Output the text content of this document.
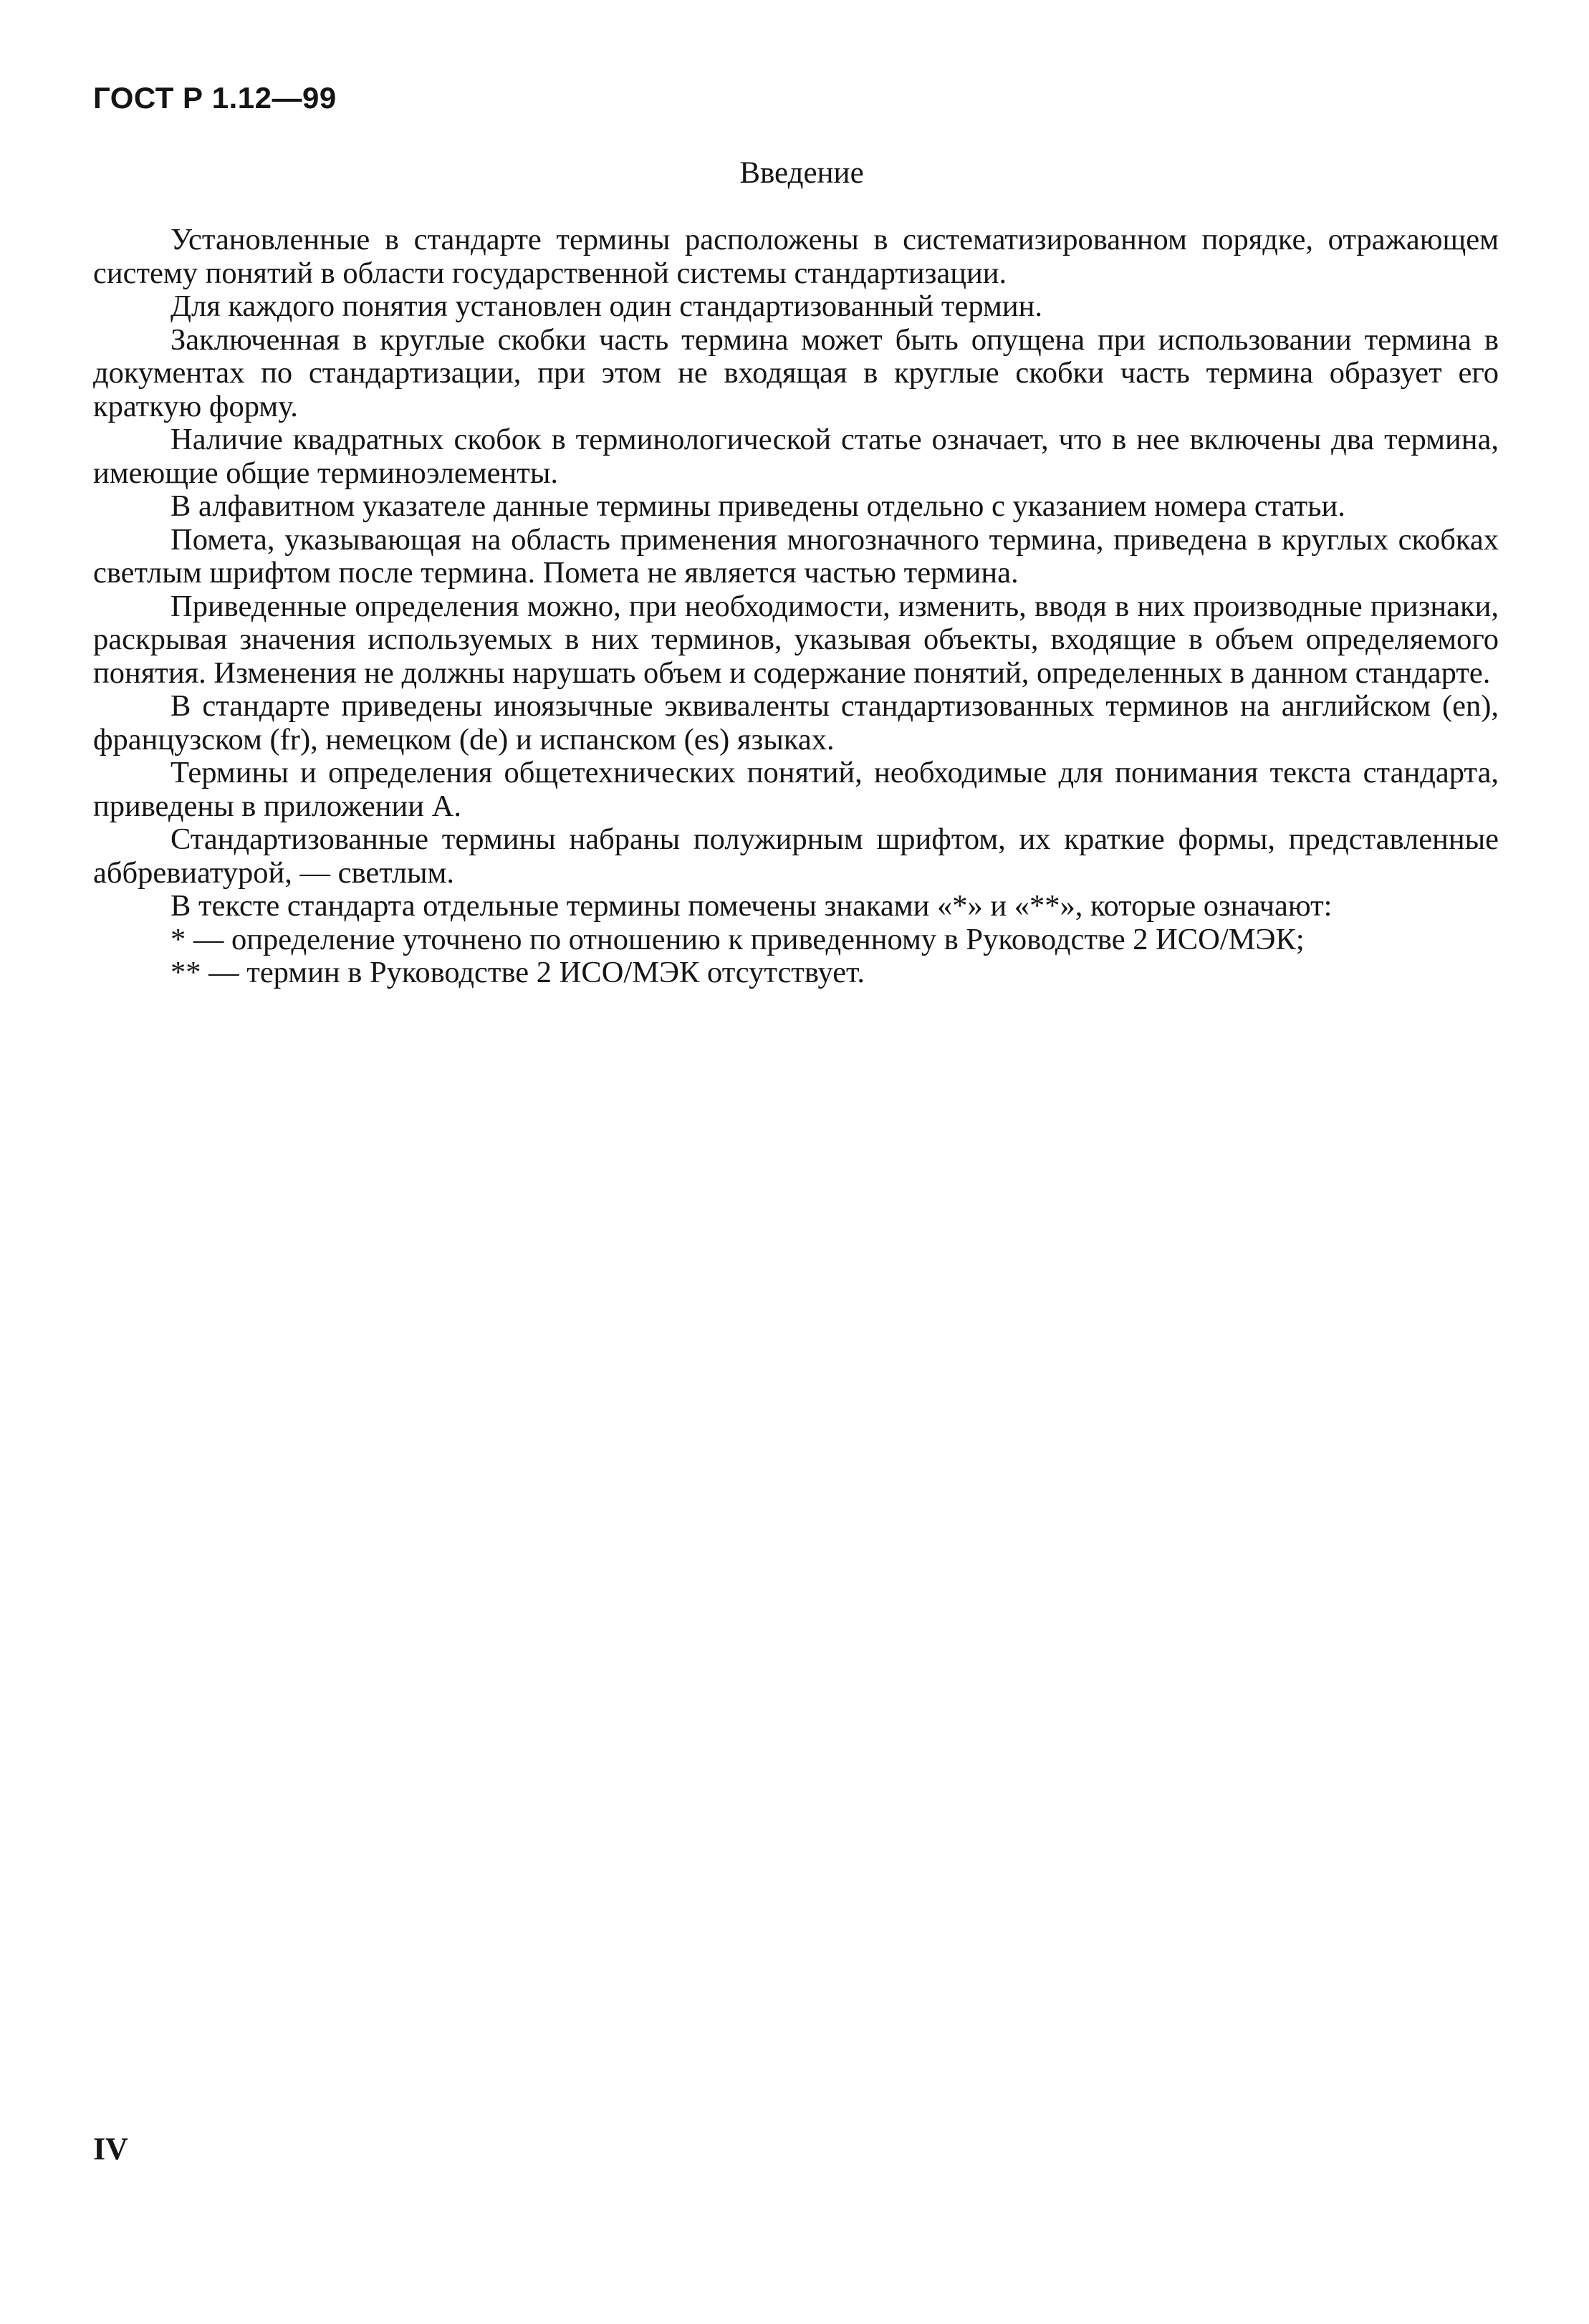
ГОСТ Р 1.12—99
Введение

Установленные в стандарте термины расположены в систематизированном порядке, отражающем систему понятий в области государственной системы стандартизации.

Для каждого понятия установлен один стандартизованный термин.

Заключенная в круглые скобки часть термина может быть опущена при использовании термина в документах по стандартизации, при этом не входящая в круглые скобки часть термина образует его краткую форму.

Наличие квадратных скобок в терминологической статье означает, что в нее включены два термина, имеющие общие терминоэлементы.

В алфавитном указателе данные термины приведены отдельно с указанием номера статьи.

Помета, указывающая на область применения многозначного термина, приведена в круглых скобках светлым шрифтом после термина. Помета не является частью термина.

Приведенные определения можно, при необходимости, изменить, вводя в них производные признаки, раскрывая значения используемых в них терминов, указывая объекты, входящие в объем определяемого понятия. Изменения не должны нарушать объем и содержание понятий, определенных в данном стандарте.

В стандарте приведены иноязычные эквиваленты стандартизованных терминов на английском (en), французском (fr), немецком (de) и испанском (es) языках.

Термины и определения общетехнических понятий, необходимые для понимания текста стандарта, приведены в приложении А.

Стандартизованные термины набраны полужирным шрифтом, их краткие формы, представленные аббревиатурой, — светлым.

В тексте стандарта отдельные термины помечены знаками «*» и «**», которые означают:

* — определение уточнено по отношению к приведенному в Руководстве 2 ИСО/МЭК;

** — термин в Руководстве 2 ИСО/МЭК отсутствует.

IV
